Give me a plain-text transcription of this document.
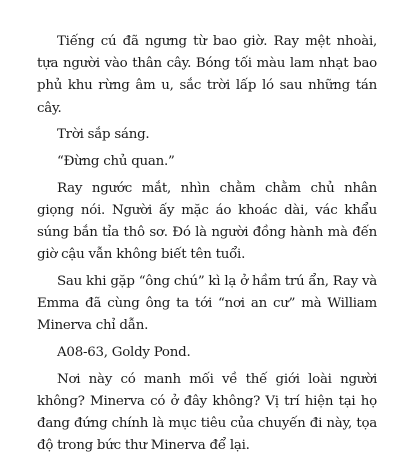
Tiếng cú đã ngưng từ bao giờ. Ray mệt nhoài, tựa người vào thân cây. Bóng tối màu lam nhạt bao phủ khu rừng âm u, sắc trời lấp ló sau những tán cây.

Trời sắp sáng.

“Đừng chủ quan.”

Ray ngước mắt, nhìn chằm chằm chủ nhân giọng nói. Người ấy mặc áo khoác dài, vác khẩu súng bắn tỉa thô sơ. Đó là người đồng hành mà đến giờ cậu vẫn không biết tên tuổi.

Sau khi gặp “ông chú” kì lạ ở hầm trú ẩn, Ray và Emma đã cùng ông ta tới “nơi an cư” mà William Minerva chỉ dẫn.

A08-63, Goldy Pond.

Nơi này có manh mối về thế giới loài người không? Minerva có ở đây không? Vị trí hiện tại họ đang đứng chính là mục tiêu của chuyến đi này, tọa độ trong bức thư Minerva để lại.
